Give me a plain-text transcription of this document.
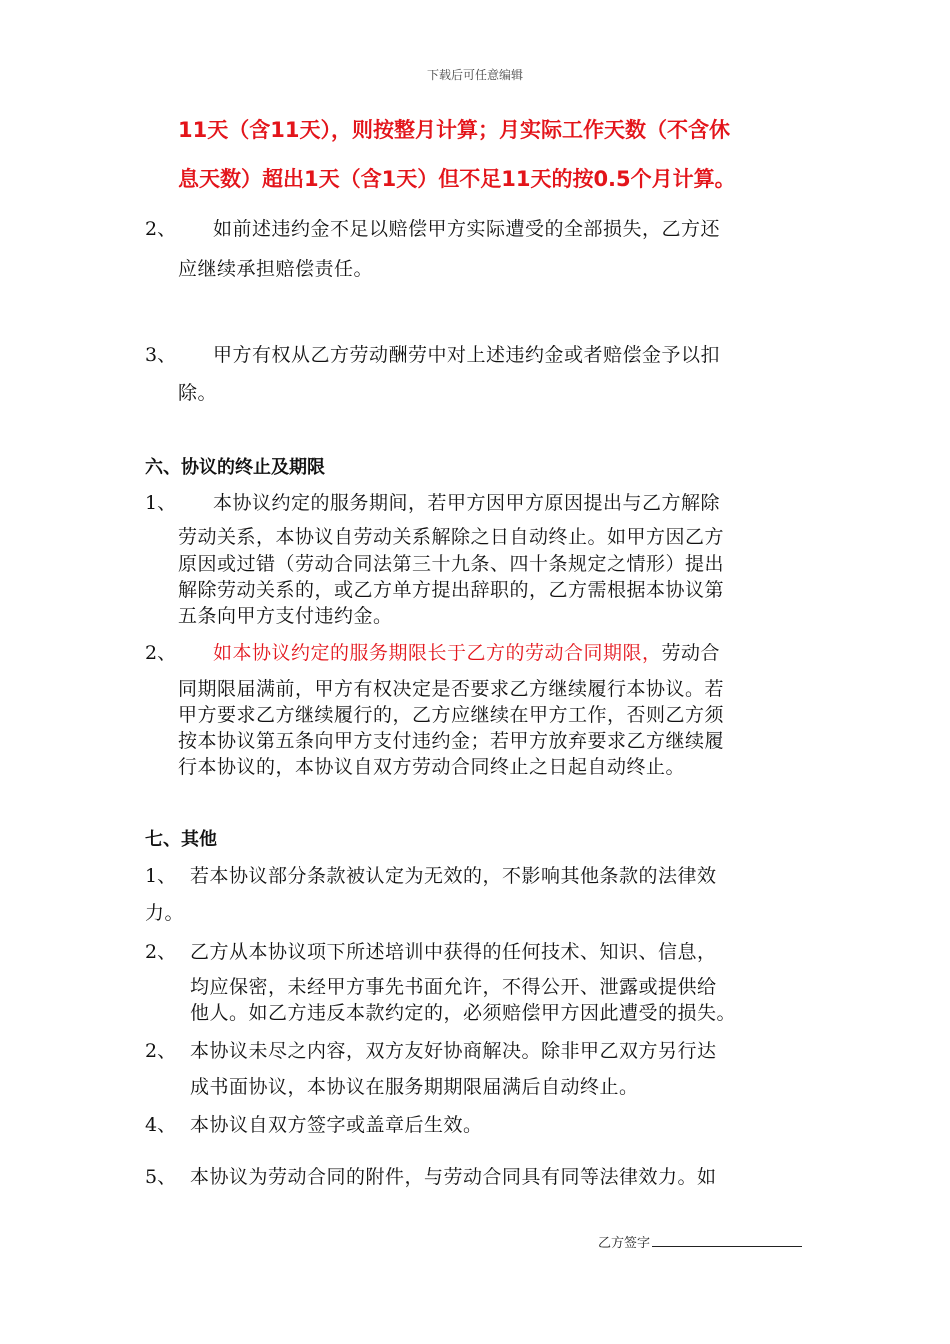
下载后可任意编辑
11天（含11天），则按整月计算；月实际工作天数（不含休
息天数）超出1天（含1天）但不足11天的按0.5个月计算。
2、 如前述违约金不足以赔偿甲方实际遭受的全部损失，乙方还
应继续承担赔偿责任。
3、 甲方有权从乙方劳动酬劳中对上述违约金或者赔偿金予以扣
除。
六、协议的终止及期限
1、 本协议约定的服务期间，若甲方因甲方原因提出与乙方解除
劳动关系，本协议自劳动关系解除之日自动终止。如甲方因乙方
原因或过错（劳动合同法第三十九条、四十条规定之情形）提出
解除劳动关系的，或乙方单方提出辞职的，乙方需根据本协议第
五条向甲方支付违约金。
2、 如本协议约定的服务期限长于乙方的劳动合同期限，劳动合
同期限届满前，甲方有权决定是否要求乙方继续履行本协议。若
甲方要求乙方继续履行的，乙方应继续在甲方工作，否则乙方须
按本协议第五条向甲方支付违约金；若甲方放弃要求乙方继续履
行本协议的，本协议自双方劳动合同终止之日起自动终止。
七、其他
1、 若本协议部分条款被认定为无效的，不影响其他条款的法律效
力。
2、 乙方从本协议项下所述培训中获得的任何技术、知识、信息，
均应保密，未经甲方事先书面允许，不得公开、泄露或提供给
他人。如乙方违反本款约定的，必须赔偿甲方因此遭受的损失。
2、 本协议未尽之内容，双方友好协商解决。除非甲乙双方另行达
成书面协议，本协议在服务期期限届满后自动终止。
4、 本协议自双方签字或盖章后生效。
5、 本协议为劳动合同的附件，与劳动合同具有同等法律效力。如
乙方签字
